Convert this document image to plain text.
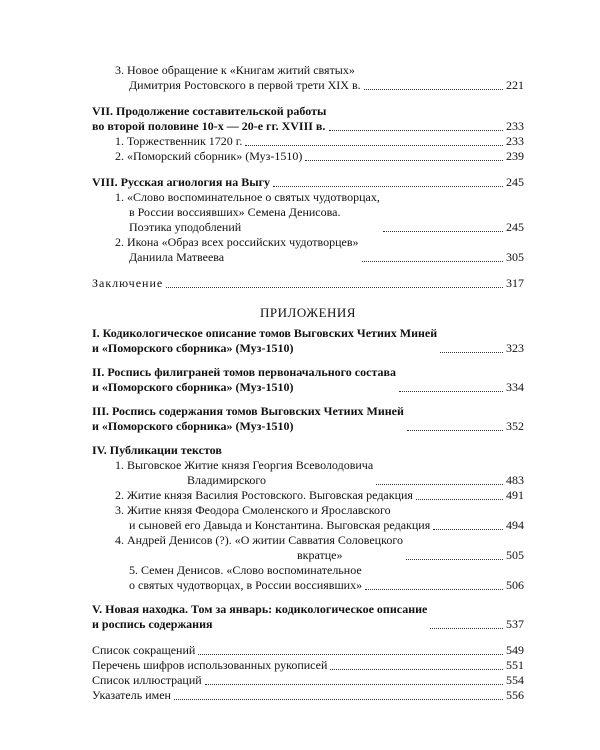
3. Новое обращение к «Книгам житий святых»
Димитрия Ростовского в первой трети XIX в.	221
VII. Продолжение составительской работы
во второй половине 10-х — 20-е гг. XVIII в.	233
1. Торжественник 1720 г.	233
2. «Поморский сборник» (Муз-1510)	239
VIII. Русская агиология на Выгу	245
1. «Слово воспоминательное о святых чудотворцах,
в России воссиявших» Семена Денисова.
Поэтика уподоблений	245
2. Икона «Образ всех российских чудотворцев»
Даниила Матвеева	305
Заключение	317
ПРИЛОЖЕНИЯ
I. Кодикологическое описание томов Выговских Четиих Миней
и «Поморского сборника» (Муз-1510)	323
II. Роспись филиграней томов первоначального состава
и «Поморского сборника» (Муз-1510)	334
III. Роспись содержания томов Выговских Четиих Миней
и «Поморского сборника» (Муз-1510)	352
IV. Публикации текстов
1. Выговское Житие князя Георгия Всеволодовича
Владимирского	483
2. Житие князя Василия Ростовского. Выговская редакция	491
3. Житие князя Феодора Смоленского и Ярославского
и сыновей его Давыда и Константина. Выговская редакция	494
4. Андрей Денисов (?). «О житии Савватия Соловецкого
вкратце»	505
5. Семен Денисов. «Слово воспоминательное
о святых чудотворцах, в России воссиявших»	506
V. Новая находка. Том за январь: кодикологическое описание
и роспись содержания	537
Список сокращений	549
Перечень шифров использованных рукописей	551
Список иллюстраций	554
Указатель имен	556
